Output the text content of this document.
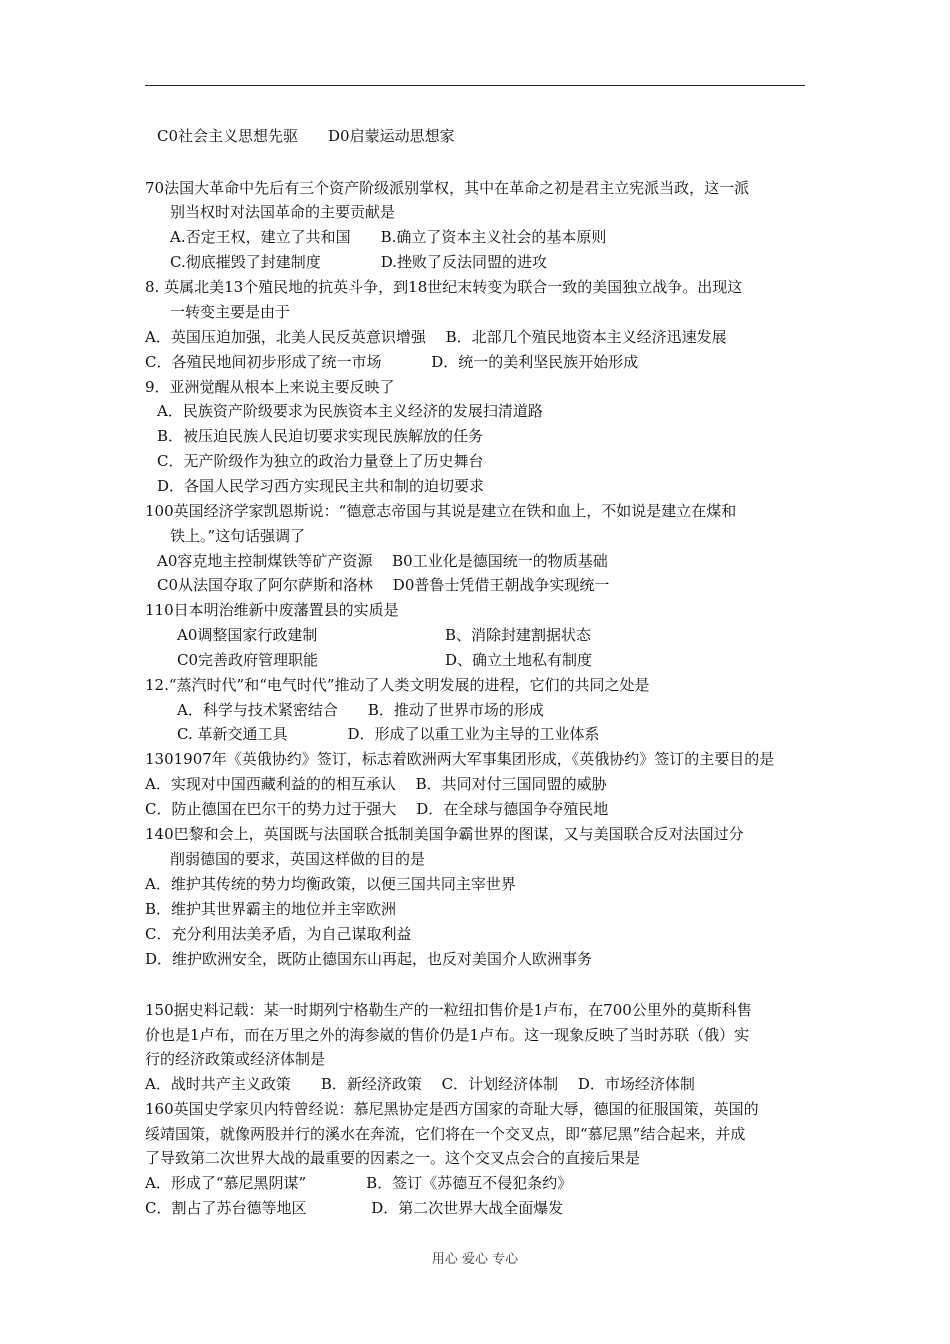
C0社会主义思想先驱　　D0启蒙运动思想家
70法国大革命中先后有三个资产阶级派别掌权，其中在革命之初是君主立宪派当政，这一派
别当权时对法国革命的主要贡献是
A.否定王权，建立了共和国　　B.确立了资本主义社会的基本原则
C.彻底摧毁了封建制度　　　　D.挫败了反法同盟的进攻
8. 英属北美13个殖民地的抗英斗争，到18世纪末转变为联合一致的美国独立战争。出现这
一转变主要是由于
A．英国压迫加强，北美人民反英意识增强　 B．北部几个殖民地资本主义经济迅速发展
C．各殖民地间初步形成了统一市场　　　 D．统一的美利坚民族开始形成
9．亚洲觉醒从根本上来说主要反映了
A．民族资产阶级要求为民族资本主义经济的发展扫清道路
B．被压迫民族人民迫切要求实现民族解放的任务
C．无产阶级作为独立的政治力量登上了历史舞台
D．各国人民学习西方实现民主共和制的迫切要求
100英国经济学家凯恩斯说：“德意志帝国与其说是建立在铁和血上，不如说是建立在煤和
铁上。”这句话强调了
A0容克地主控制煤铁等矿产资源　 B0工业化是德国统一的物质基础
C0从法国夺取了阿尔萨斯和洛林　 D0普鲁士凭借王朝战争实现统一
110日本明治维新中废藩置县的实质是
A0调整国家行政建制	B、消除封建割据状态
C0完善政府管理职能	D、确立土地私有制度
12.“蒸汽时代”和“电气时代”推动了人类文明发展的进程，它们的共同之处是
A．科学与技术紧密结合　　B．推动了世界市场的形成
C. 革新交通工具　　　　D．形成了以重工业为主导的工业体系
1301907年《英俄协约》签订，标志着欧洲两大军事集团形成，《英俄协约》签订的主要目的是
A．实现对中国西藏利益的的相互承认　 B．共同对付三国同盟的威胁
C．防止德国在巴尔干的势力过于强大　 D．在全球与德国争夺殖民地
140巴黎和会上，英国既与法国联合抵制美国争霸世界的图谋，又与美国联合反对法国过分
削弱德国的要求，英国这样做的目的是
A．维护其传统的势力均衡政策，以便三国共同主宰世界
B．维护其世界霸主的地位并主宰欧洲
C．充分利用法美矛盾，为自己谋取利益
D．维护欧洲安全，既防止德国东山再起，也反对美国介人欧洲事务
150据史料记载：某一时期列宁格勒生产的一粒纽扣售价是1卢布，在700公里外的莫斯科售
价也是1卢布，而在万里之外的海参崴的售价仍是1卢布。这一现象反映了当时苏联（俄）实
行的经济政策或经济体制是
A．战时共产主义政策　　B．新经济政策　 C．计划经济体制　 D．市场经济体制
160英国史学家贝内特曾经说：慕尼黑协定是西方国家的奇耻大辱，德国的征服国策，英国的
绥靖国策，就像两股并行的溪水在奔流，它们将在一个交叉点，即“慕尼黑”结合起来，并成
了导致第二次世界大战的最重要的因素之一。这个交叉点会合的直接后果是
A．形成了“慕尼黑阴谋”　　　　B．签订《苏德互不侵犯条约》
C．割占了苏台德等地区　　　　 D．第二次世界大战全面爆发
用心 爱心 专心
